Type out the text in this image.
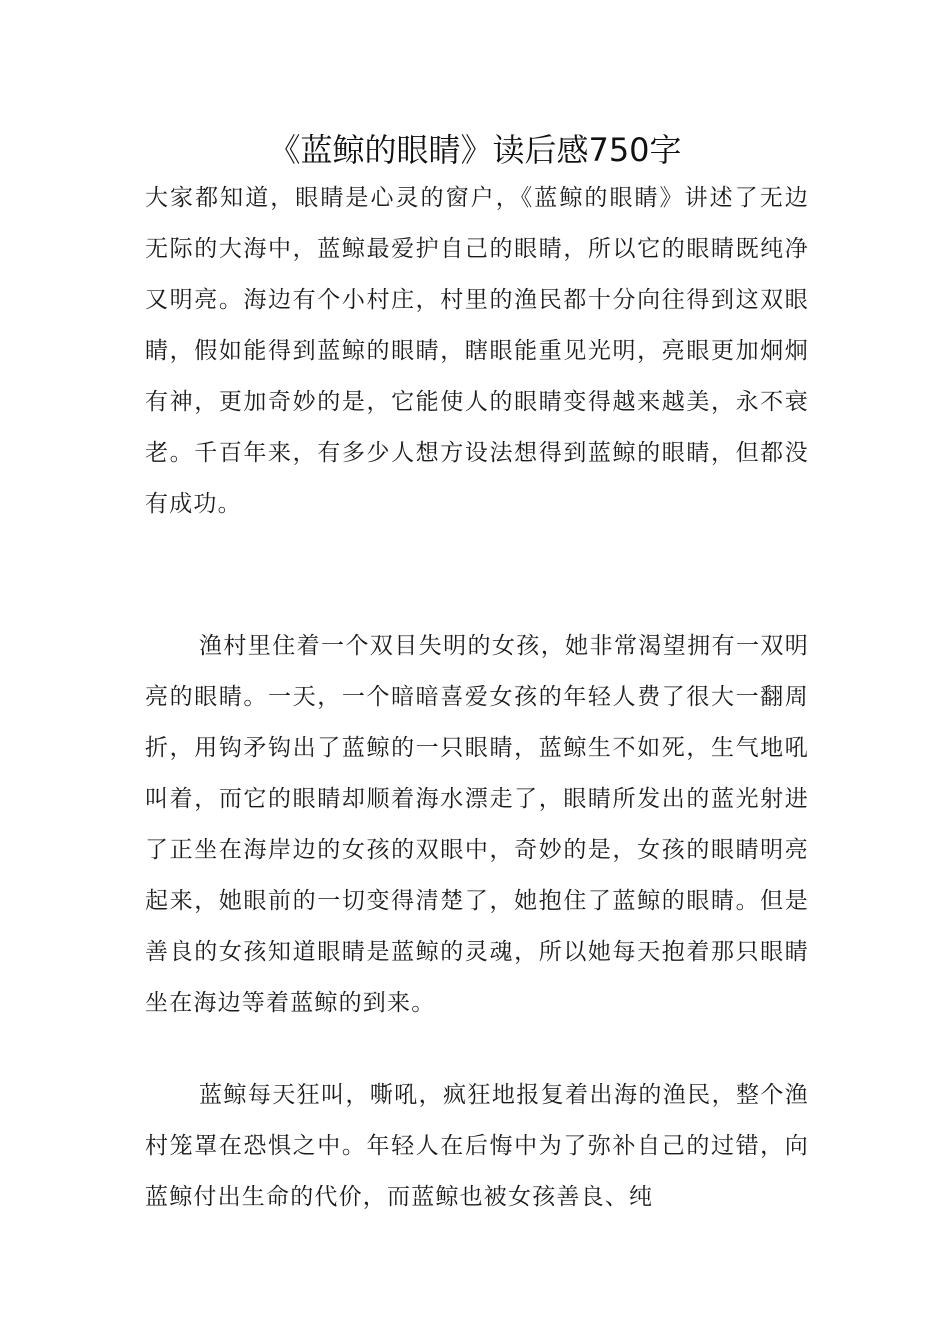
《蓝鲸的眼睛》读后感750字

大家都知道，眼睛是心灵的窗户，《蓝鲸的眼睛》讲述了无边无际的大海中，蓝鲸最爱护自己的眼睛，所以它的眼睛既纯净又明亮。海边有个小村庄，村里的渔民都十分向往得到这双眼睛，假如能得到蓝鲸的眼睛，瞎眼能重见光明，亮眼更加炯炯有神，更加奇妙的是，它能使人的眼睛变得越来越美，永不衰老。千百年来，有多少人想方设法想得到蓝鲸的眼睛，但都没有成功。

渔村里住着一个双目失明的女孩，她非常渴望拥有一双明亮的眼睛。一天，一个暗暗喜爱女孩的年轻人费了很大一翻周折，用钩矛钩出了蓝鲸的一只眼睛，蓝鲸生不如死，生气地吼叫着，而它的眼睛却顺着海水漂走了，眼睛所发出的蓝光射进了正坐在海岸边的女孩的双眼中，奇妙的是，女孩的眼睛明亮起来，她眼前的一切变得清楚了，她抱住了蓝鲸的眼睛。但是善良的女孩知道眼睛是蓝鲸的灵魂，所以她每天抱着那只眼睛坐在海边等着蓝鲸的到来。

蓝鲸每天狂叫，嘶吼，疯狂地报复着出海的渔民，整个渔村笼罩在恐惧之中。年轻人在后悔中为了弥补自己的过错，向蓝鲸付出生命的代价，而蓝鲸也被女孩善良、纯
